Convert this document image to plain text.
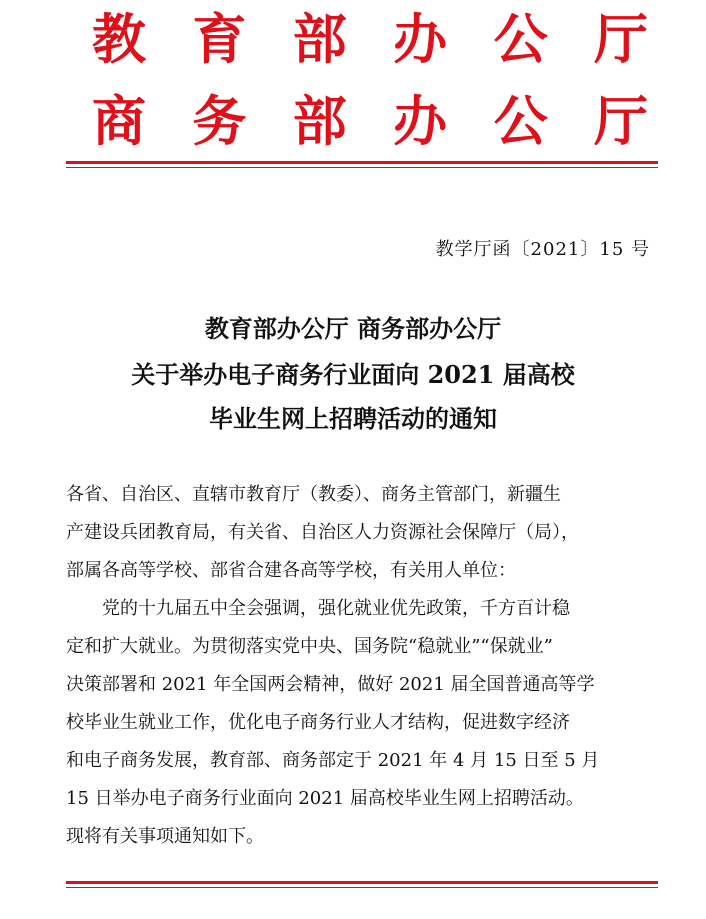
教 育 部 办 公 厅
商 务 部 办 公 厅
教学厅函〔2021〕15 号
教育部办公厅 商务部办公厅
关于举办电子商务行业面向 2021 届高校
毕业生网上招聘活动的通知
各省、自治区、直辖市教育厅（教委）、商务主管部门，新疆生
产建设兵团教育局，有关省、自治区人力资源社会保障厅（局），
部属各高等学校、部省合建各高等学校，有关用人单位：
党的十九届五中全会强调，强化就业优先政策，千方百计稳
定和扩大就业。为贯彻落实党中央、国务院“稳就业”“保就业”
决策部署和 2021 年全国两会精神，做好 2021 届全国普通高等学
校毕业生就业工作，优化电子商务行业人才结构，促进数字经济
和电子商务发展，教育部、商务部定于 2021 年 4 月 15 日至 5 月
15 日举办电子商务行业面向 2021 届高校毕业生网上招聘活动。
现将有关事项通知如下。
